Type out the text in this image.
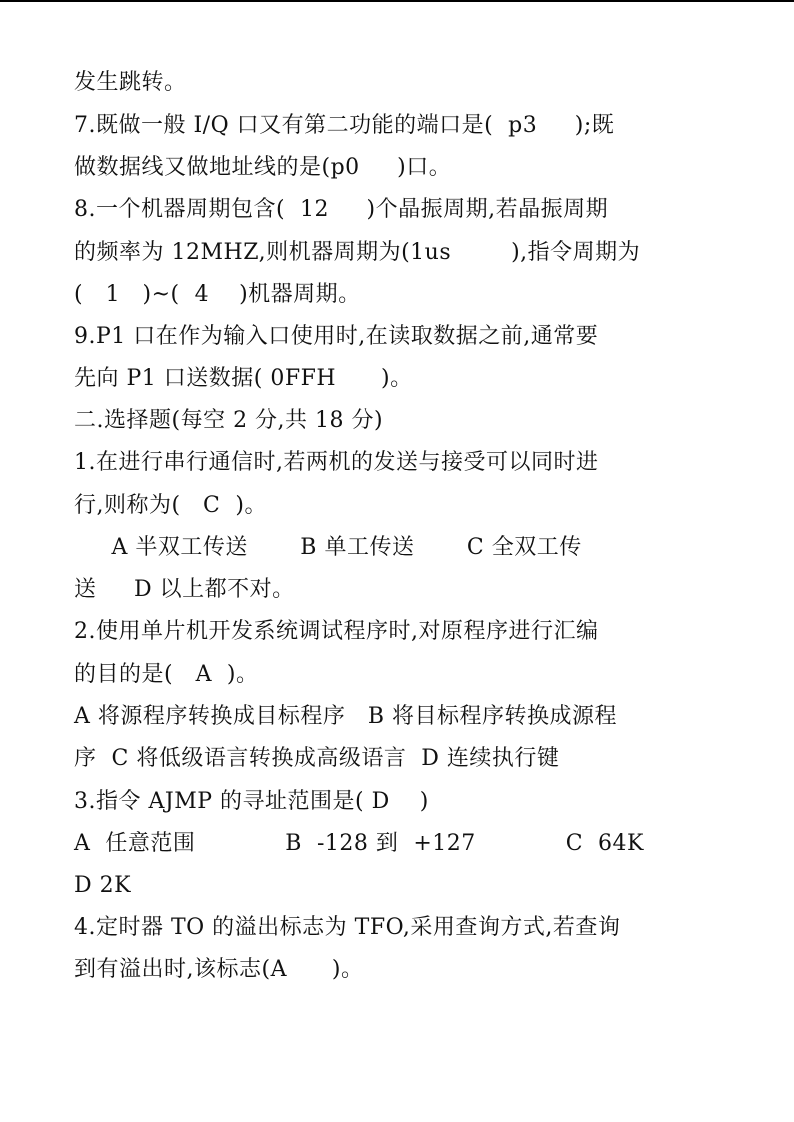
发生跳转。
7.既做一般 I/Q 口又有第二功能的端口是(  p3     );既
做数据线又做地址线的是(p0     )口。
8.一个机器周期包含(  12     )个晶振周期,若晶振周期
的频率为 12MHZ,则机器周期为(1us        ),指令周期为
(   1   )~(  4    )机器周期。
9.P1 口在作为输入口使用时,在读取数据之前,通常要
先向 P1 口送数据( 0FFH      )。
二.选择题(每空 2 分,共 18 分)
1.在进行串行通信时,若两机的发送与接受可以同时进
行,则称为(   C  )。
A 半双工传送       B 单工传送       C 全双工传
送     D 以上都不对。
2.使用单片机开发系统调试程序时,对原程序进行汇编
的目的是(   A  )。
A 将源程序转换成目标程序   B 将目标程序转换成源程
序  C 将低级语言转换成高级语言  D 连续执行键
3.指令 AJMP 的寻址范围是( D    )
A  任意范围            B  -128 到  +127            C  64K
D 2K
4.定时器 TO 的溢出标志为 TFO,采用查询方式,若查询
到有溢出时,该标志(A      )。
